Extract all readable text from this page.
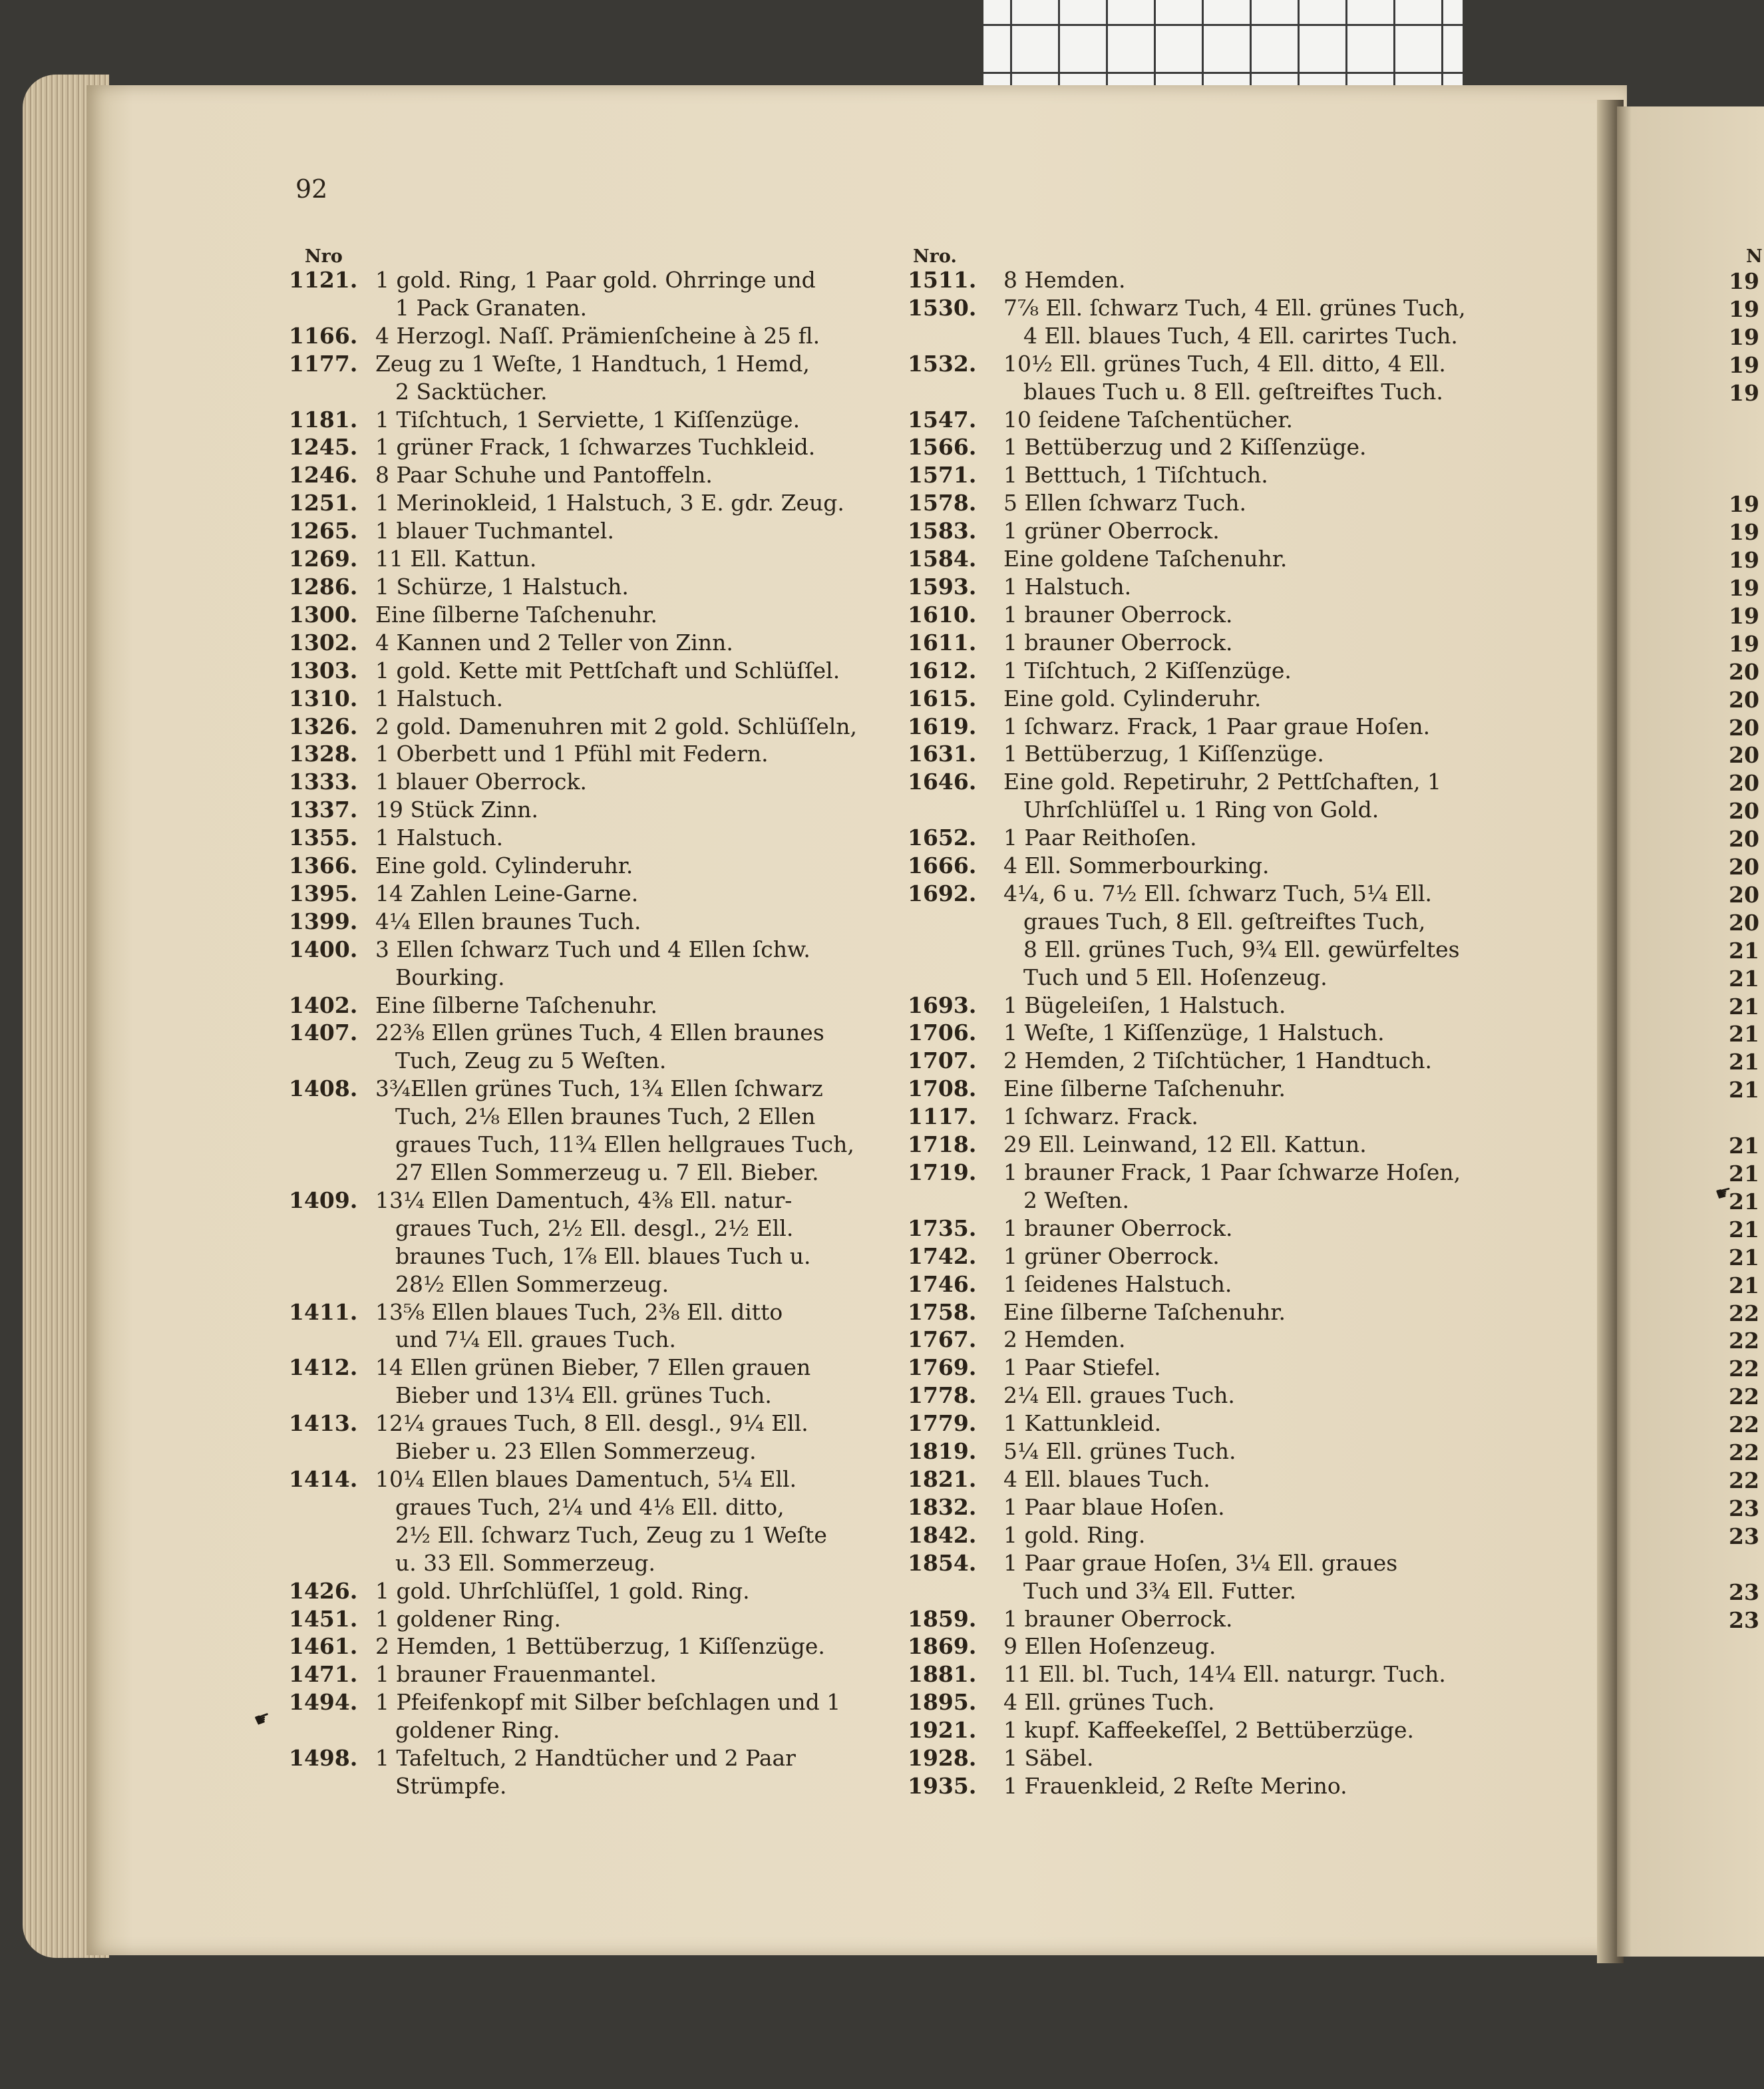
92
Nro	Nro.	N
1121. 1 gold. Ring, 1 Paar gold. Ohrringe und
1 Pack Granaten.
1166. 4 Herzogl. Naſſ. Prämienſcheine à 25 fl.
1177. Zeug zu 1 Weſte, 1 Handtuch, 1 Hemd,
2 Sacktücher.
1181. 1 Tiſchtuch, 1 Serviette, 1 Kiſſenzüge.
1245. 1 grüner Frack, 1 ſchwarzes Tuchkleid.
1246. 8 Paar Schuhe und Pantoffeln.
1251. 1 Merinokleid, 1 Halstuch, 3 E. gdr. Zeug.
1265. 1 blauer Tuchmantel.
1269. 11 Ell. Kattun.
1286. 1 Schürze, 1 Halstuch.
1300. Eine ſilberne Taſchenuhr.
1302. 4 Kannen und 2 Teller von Zinn.
1303. 1 gold. Kette mit Pettſchaft und Schlüſſel.
1310. 1 Halstuch.
1326. 2 gold. Damenuhren mit 2 gold. Schlüſſeln,
1328. 1 Oberbett und 1 Pfühl mit Federn.
1333. 1 blauer Oberrock.
1337. 19 Stück Zinn.
1355. 1 Halstuch.
1366. Eine gold. Cylinderuhr.
1395. 14 Zahlen Leine-Garne.
1399. 4¼ Ellen braunes Tuch.
1400. 3 Ellen ſchwarz Tuch und 4 Ellen ſchw.
Bourking.
1402. Eine ſilberne Taſchenuhr.
1407. 22⅜ Ellen grünes Tuch, 4 Ellen braunes
Tuch, Zeug zu 5 Weſten.
1408. 3¾Ellen grünes Tuch, 1¾ Ellen ſchwarz
Tuch, 2⅛ Ellen braunes Tuch, 2 Ellen
graues Tuch, 11¾ Ellen hellgraues Tuch,
27 Ellen Sommerzeug u. 7 Ell. Bieber.
1409. 13¼ Ellen Damentuch, 4⅜ Ell. natur-
graues Tuch, 2½ Ell. desgl., 2½ Ell.
braunes Tuch, 1⅞ Ell. blaues Tuch u.
28½ Ellen Sommerzeug.
1411. 13⅝ Ellen blaues Tuch, 2⅜ Ell. ditto
und 7¼ Ell. graues Tuch.
1412. 14 Ellen grünen Bieber, 7 Ellen grauen
Bieber und 13¼ Ell. grünes Tuch.
1413. 12¼ graues Tuch, 8 Ell. desgl., 9¼ Ell.
Bieber u. 23 Ellen Sommerzeug.
1414. 10¼ Ellen blaues Damentuch, 5¼ Ell.
graues Tuch, 2¼ und 4⅛ Ell. ditto,
2½ Ell. ſchwarz Tuch, Zeug zu 1 Weſte
u. 33 Ell. Sommerzeug.
1426. 1 gold. Uhrſchlüſſel, 1 gold. Ring.
1451. 1 goldener Ring.
1461. 2 Hemden, 1 Bettüberzug, 1 Kiſſenzüge.
1471. 1 brauner Frauenmantel.
1494. 1 Pfeifenkopf mit Silber beſchlagen und 1
goldener Ring.
1498. 1 Tafeltuch, 2 Handtücher und 2 Paar
Strümpfe.
1511.	8 Hemden.
1530.	7⅞ Ell. ſchwarz Tuch, 4 Ell. grünes Tuch,
4 Ell. blaues Tuch, 4 Ell. carirtes Tuch.
1532.	10½ Ell. grünes Tuch, 4 Ell. ditto, 4 Ell.
blaues Tuch u. 8 Ell. geſtreiftes Tuch.
1547.	10 ſeidene Taſchentücher.
1566.	1 Bettüberzug und 2 Kiſſenzüge.
1571.	1 Betttuch, 1 Tiſchtuch.
1578.	5 Ellen ſchwarz Tuch.
1583.	1 grüner Oberrock.
1584.	Eine goldene Taſchenuhr.
1593.	1 Halstuch.
1610.	1 brauner Oberrock.
1611.	1 brauner Oberrock.
1612.	1 Tiſchtuch, 2 Kiſſenzüge.
1615.	Eine gold. Cylinderuhr.
1619.	1 ſchwarz. Frack, 1 Paar graue Hoſen.
1631.	1 Bettüberzug, 1 Kiſſenzüge.
1646.	Eine gold. Repetiruhr, 2 Pettſchaften, 1
Uhrſchlüſſel u. 1 Ring von Gold.
1652.	1 Paar Reithoſen.
1666.	4 Ell. Sommerbourking.
1692.	4¼, 6 u. 7½ Ell. ſchwarz Tuch, 5¼ Ell.
graues Tuch, 8 Ell. geſtreiftes Tuch,
8 Ell. grünes Tuch, 9¾ Ell. gewürfeltes
Tuch und 5 Ell. Hoſenzeug.
1693.	1 Bügeleiſen, 1 Halstuch.
1706.	1 Weſte, 1 Kiſſenzüge, 1 Halstuch.
1707.	2 Hemden, 2 Tiſchtücher, 1 Handtuch.
1708.	Eine ſilberne Taſchenuhr.
1117.	1 ſchwarz. Frack.
1718.	29 Ell. Leinwand, 12 Ell. Kattun.
1719.	1 brauner Frack, 1 Paar ſchwarze Hoſen,
2 Weſten.
1735.	1 brauner Oberrock.
1742.	1 grüner Oberrock.
1746.	1 ſeidenes Halstuch.
1758.	Eine ſilberne Taſchenuhr.
1767.	2 Hemden.
1769.	1 Paar Stiefel.
1778.	2¼ Ell. graues Tuch.
1779.	1 Kattunkleid.
1819.	5¼ Ell. grünes Tuch.
1821.	4 Ell. blaues Tuch.
1832.	1 Paar blaue Hoſen.
1842.	1 gold. Ring.
1854.	1 Paar graue Hoſen, 3¼ Ell. graues
Tuch und 3¾ Ell. Futter.
1859.	1 brauner Oberrock.
1869.	9 Ellen Hoſenzeug.
1881.	11 Ell. bl. Tuch, 14¼ Ell. naturgr. Tuch.
1895.	4 Ell. grünes Tuch.
1921.	1 kupf. Kaffeekeſſel, 2 Bettüberzüge.
1928.	1 Säbel.
1935.	1 Frauenkleid, 2 Reſte Merino.
19
19
19
19
19

19
19
19
19
19
19
20
20
20
20
20
20
20
20
20
20
21
21
21
21
21
21

21
21
21
21
21
21
22
22
22
22
22
22
22
23
23

23
23
☛
☛
